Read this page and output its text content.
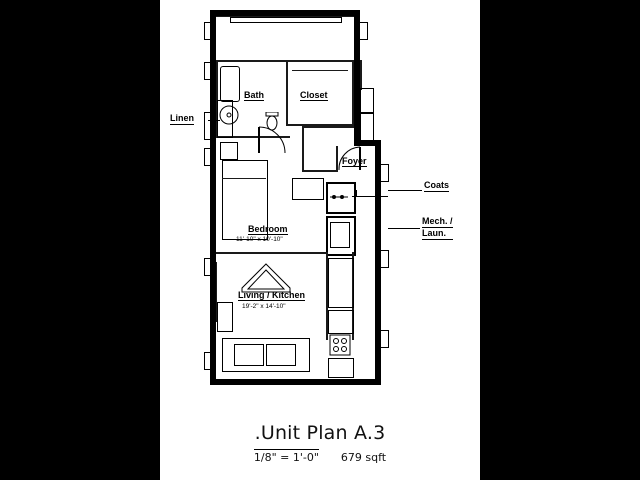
Bedroom
11'-10" x 10'-10"
Living / Kitchen
19'-2" x 14'-10"
Bath	Closet
Foyer
Linen
Coats
Mech. /
Laun.
.Unit Plan A.3
1/8" = 1'-0" 679 sqft
